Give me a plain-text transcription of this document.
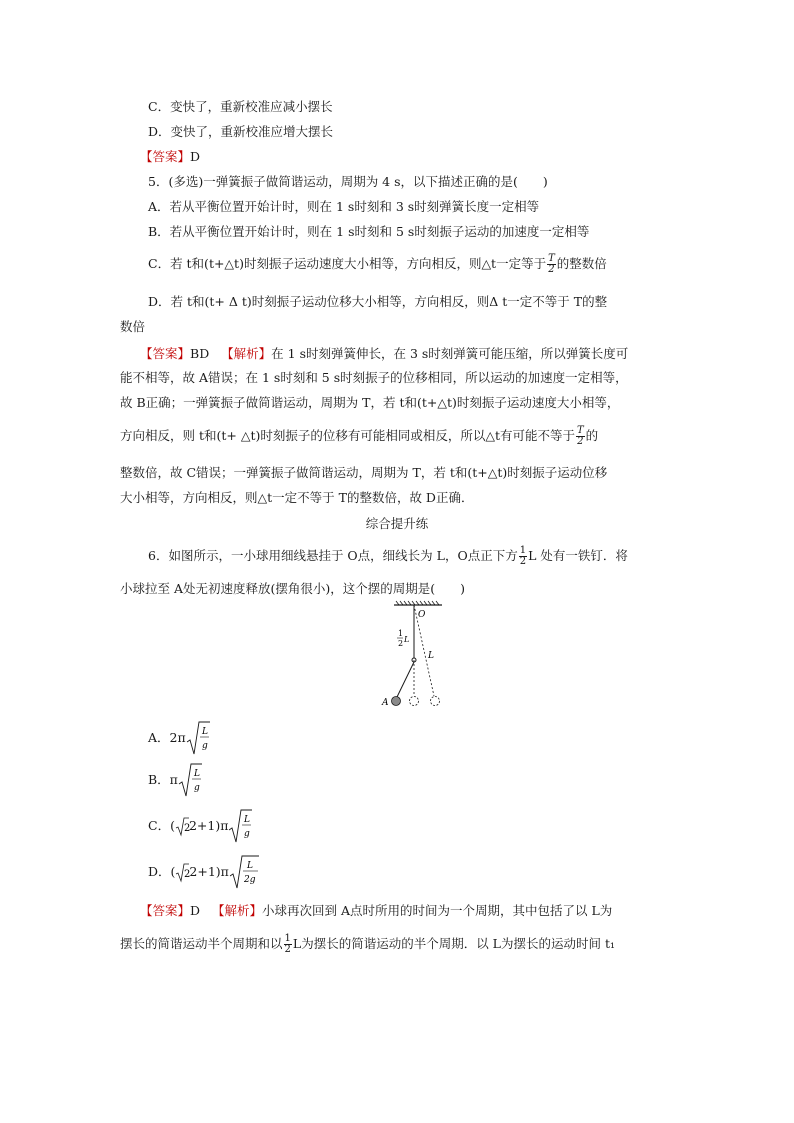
C．变快了，重新校准应减小摆长
D．变快了，重新校准应增大摆长
【答案】D
5．(多选)一弹簧振子做简谐运动，周期为 4 s，以下描述正确的是(　　)
A．若从平衡位置开始计时，则在 1 s时刻和 3 s时刻弹簧长度一定相等
B．若从平衡位置开始计时，则在 1 s时刻和 5 s时刻振子运动的加速度一定相等
C．若 t和(t+△t)时刻振子运动速度大小相等，方向相反，则△t一定等于 $\frac{T}{2}$ 的整数倍
D．若 t和(t+ Δ t)时刻振子运动位移大小相等，方向相反，则Δ t一定不等于 T的整
数倍
【答案】BD 【解析】在 1 s时刻弹簧伸长，在 3 s时刻弹簧可能压缩，所以弹簧长度可
能不相等，故 A错误；在 1 s时刻和 5 s时刻振子的位移相同，所以运动的加速度一定相等，
故 B正确；一弹簧振子做简谐运动，周期为 T，若 t和(t+△t)时刻振子运动速度大小相等，
方向相反，则 t和(t+ △t)时刻振子的位移有可能相同或相反，所以△t有可能不等于 $\frac{T}{2}$ 的
整数倍，故 C错误；一弹簧振子做简谐运动，周期为 T，若 t和(t+△t)时刻振子运动位移
大小相等，方向相反，则△t一定不等于 T的整数倍，故 D正确．
综合提升练
6．如图所示，一小球用细线悬挂于 O点，细线长为 L，O点正下方 $\frac{1}{2}$ L 处有一铁钉．将
小球拉至 A处无初速度释放(摆角很小)，这个摆的周期是(　　)
O
1
2 L
L
A
A．2π L
g
B．π L
g
C．( 2
2+1)π L
g
D．( 2
2+1)π L
2g
【答案】D 【解析】小球再次回到 A点时所用的时间为一个周期，其中包括了以 L为
摆长的简谐运动半个周期和以 $\frac{1}{2}$ L为摆长的简谐运动的半个周期．以 L为摆长的运动时间 t₁
